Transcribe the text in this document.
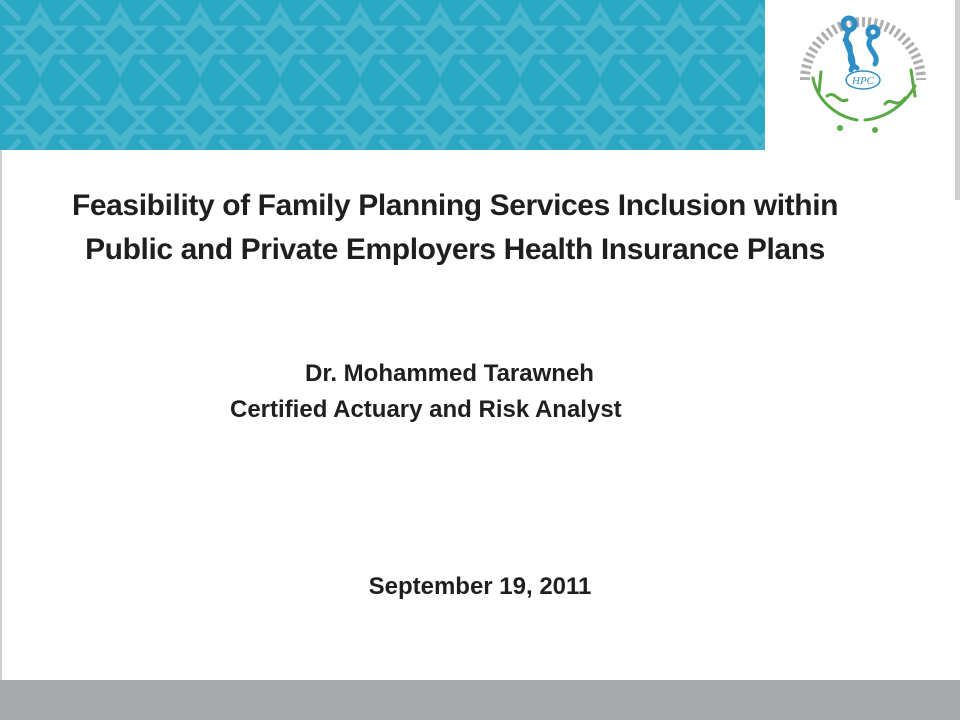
HPC
Feasibility of Family Planning Services Inclusion within Public and Private Employers Health Insurance Plans
Dr. Mohammed Tarawneh
Certified Actuary and Risk Analyst
September 19, 2011
